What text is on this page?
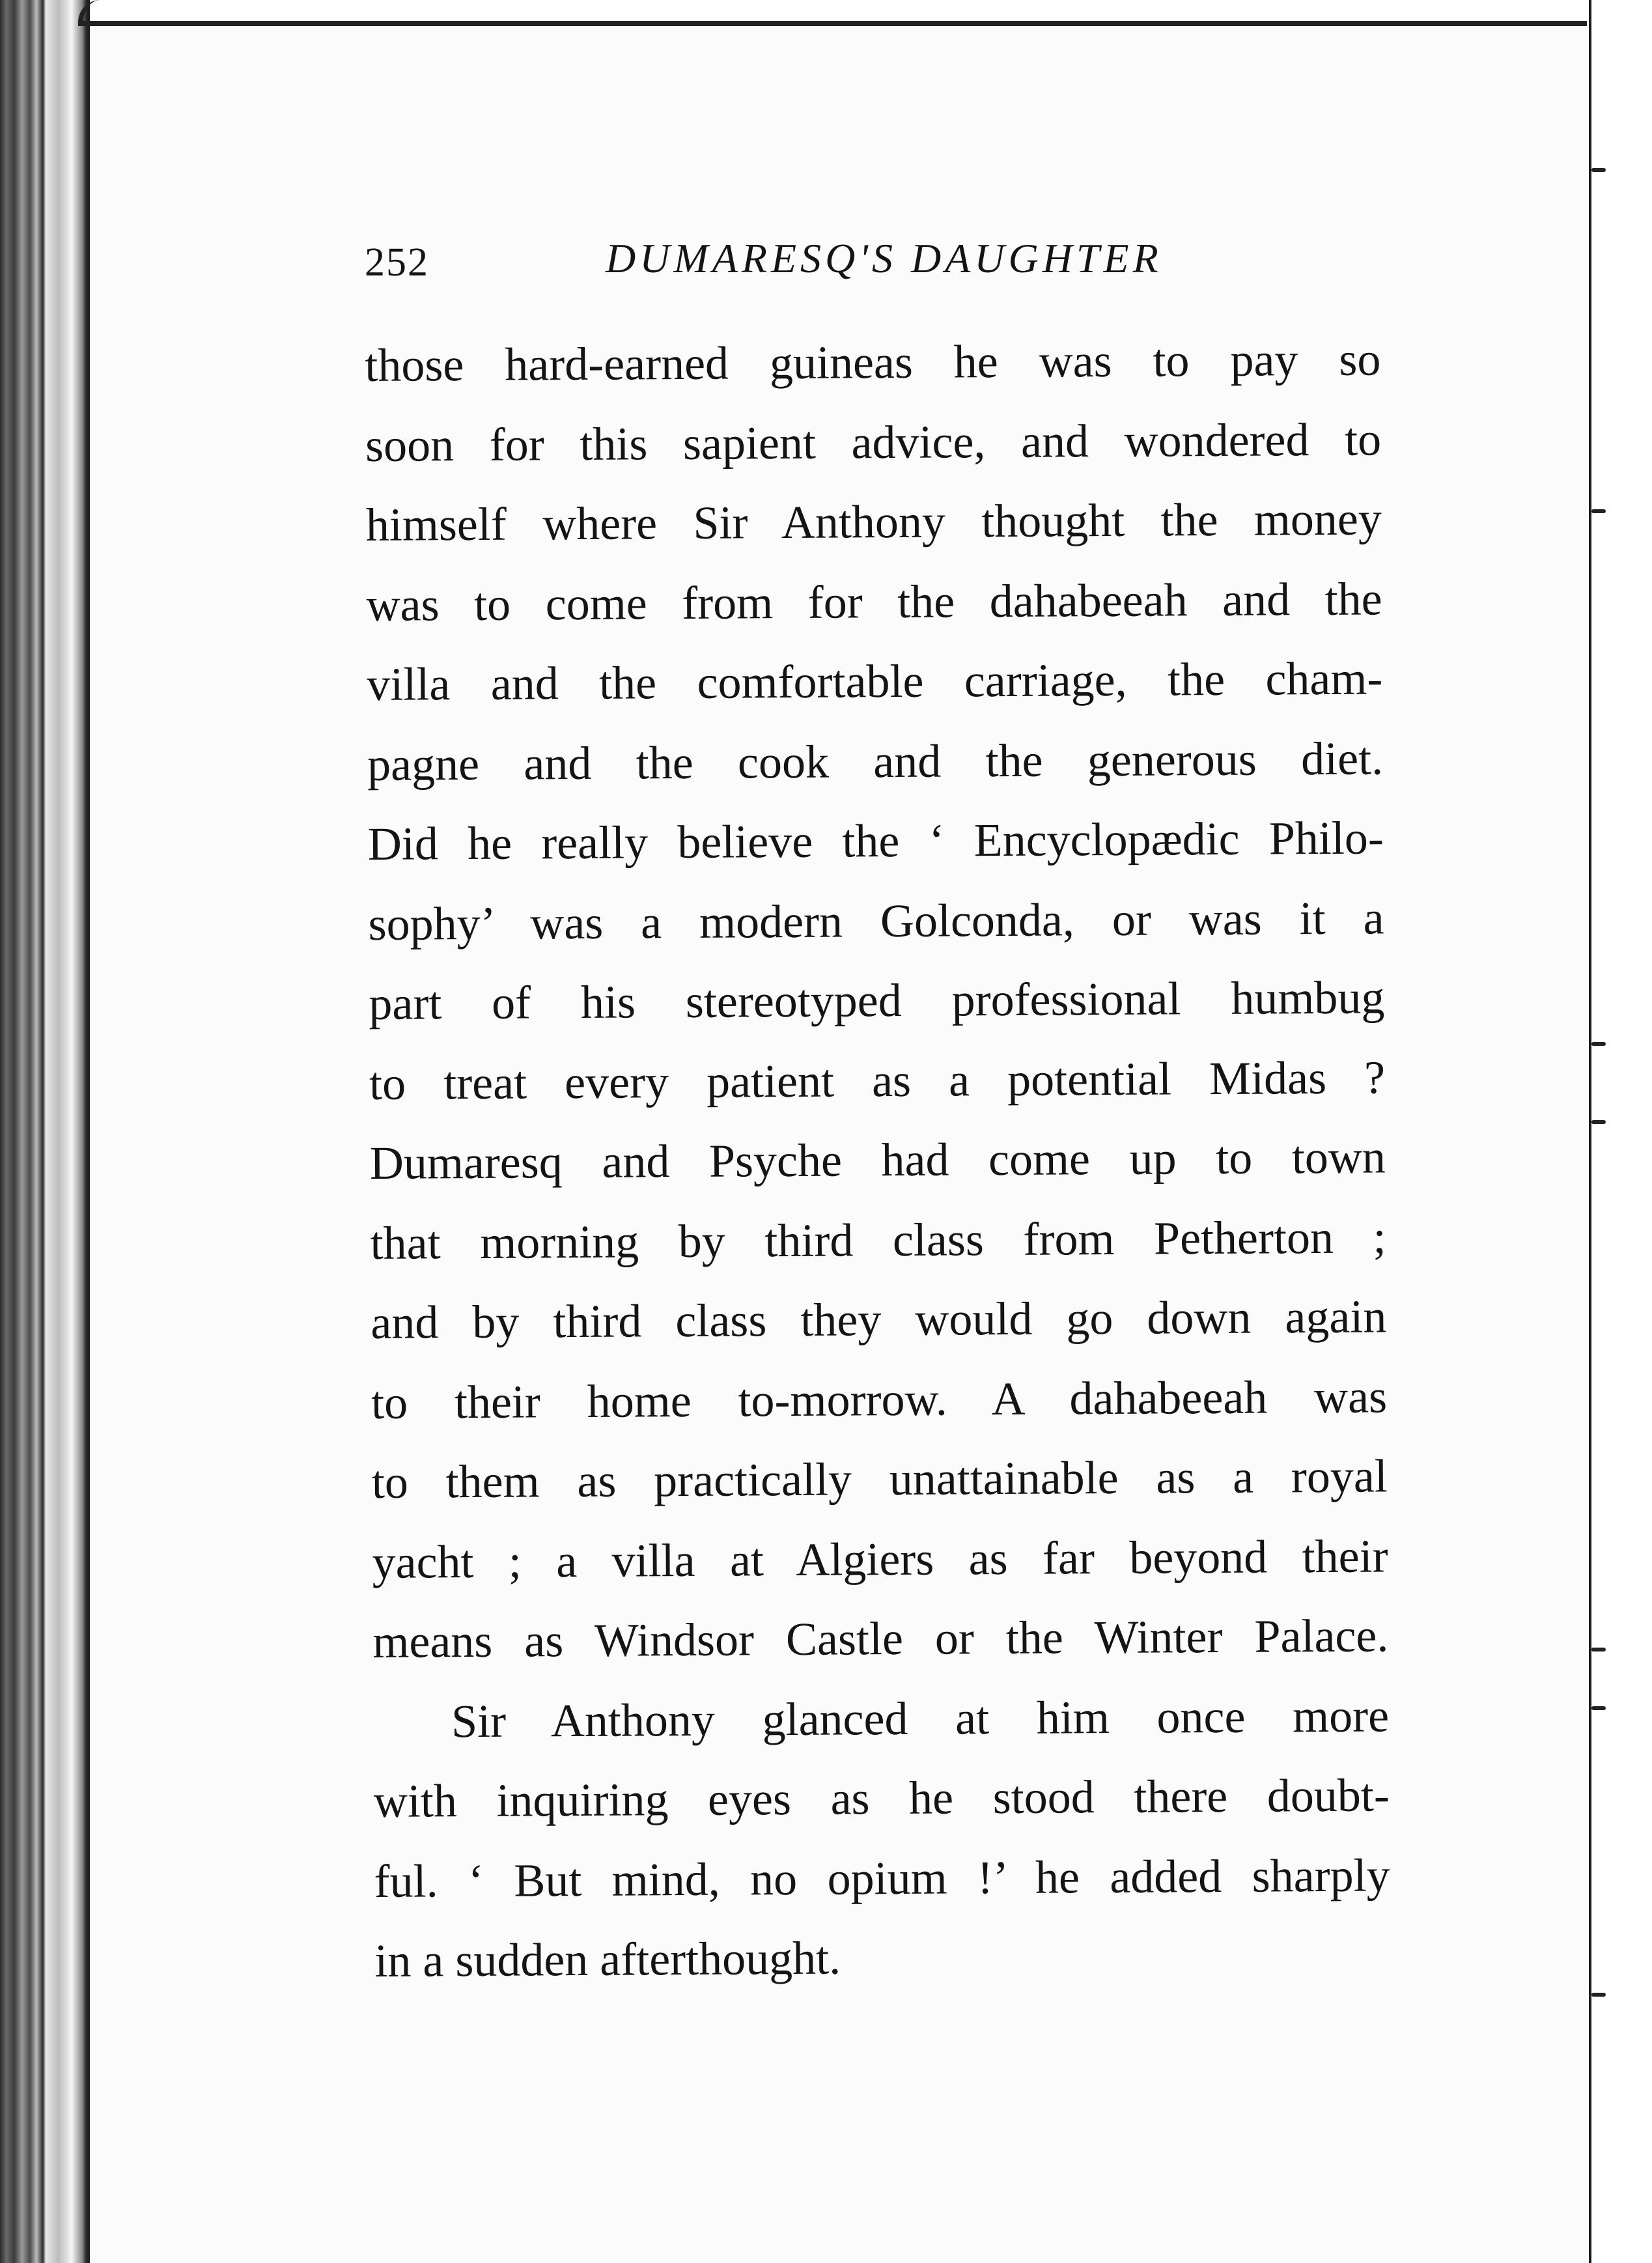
252	DUMARESQ'S DAUGHTER
those hard-earned guineas he was to pay so
soon for this sapient advice, and wondered to
himself where Sir Anthony thought the money
was to come from for the dahabeeah and the
villa and the comfortable carriage, the cham-
pagne and the cook and the generous diet.
Did he really believe the ‘ Encyclopædic Philo-
sophy’ was a modern Golconda, or was it a
part of his stereotyped professional humbug
to treat every patient as a potential Midas ?
Dumaresq and Psyche had come up to town
that morning by third class from Petherton ;
and by third class they would go down again
to their home to-morrow. A dahabeeah was
to them as practically unattainable as a royal
yacht ; a villa at Algiers as far beyond their
means as Windsor Castle or the Winter Palace.
Sir Anthony glanced at him once more
with inquiring eyes as he stood there doubt-
ful. ‘ But mind, no opium !’ he added sharply
in a sudden afterthought.
